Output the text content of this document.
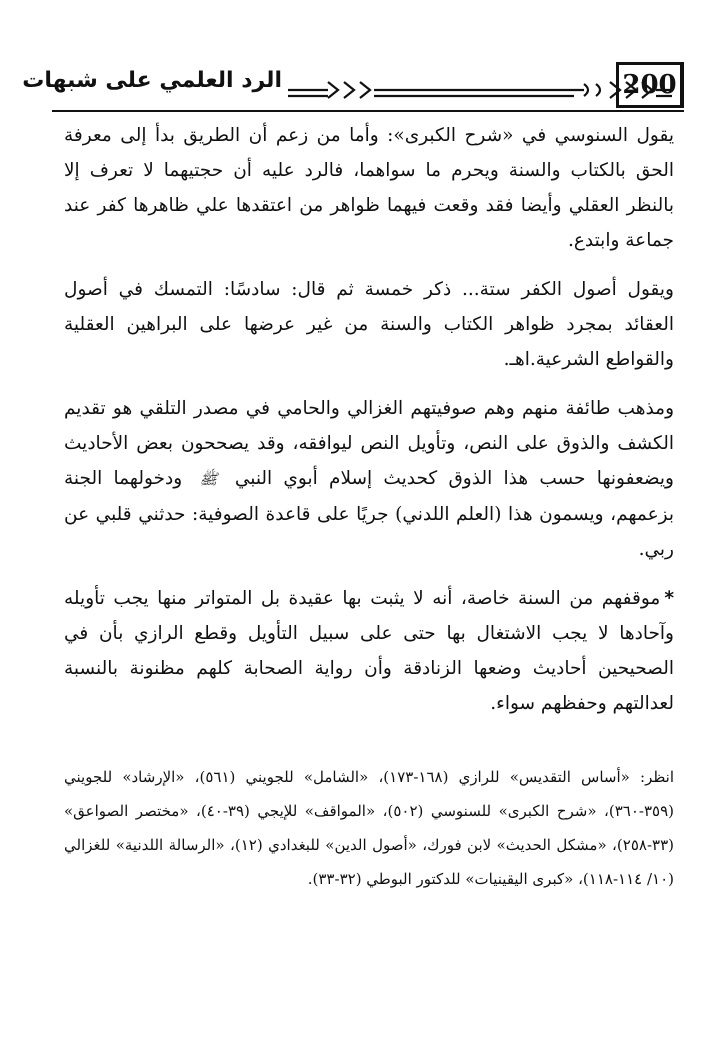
200
الرد العلمي على شبهات

يقول السنوسي في «شرح الكبرى»: وأما من زعم أن الطريق بدأ إلى معرفة الحق بالكتاب والسنة ويحرم ما سواهما، فالرد عليه أن حجتيهما لا تعرف إلا بالنظر العقلي وأيضا فقد وقعت فيهما ظواهر من اعتقدها علي ظاهرها كفر عند جماعة وابتدع.

ويقول أصول الكفر ستة... ذكر خمسة ثم قال: سادسًا: التمسك في أصول العقائد بمجرد ظواهر الكتاب والسنة من غير عرضها على البراهين العقلية والقواطع الشرعية.اهـ.

ومذهب طائفة منهم وهم صوفيتهم الغزالي والحامي في مصدر التلقي هو تقديم الكشف والذوق على النص، وتأويل النص ليوافقه، وقد يصححون بعض الأحاديث ويضعفونها حسب هذا الذوق كحديث إسلام أبوي النبي ﷺ ودخولهما الجنة بزعمهم، ويسمون هذا (العلم اللدني) جريًا على قاعدة الصوفية: حدثني قلبي عن ربي.

*موقفهم من السنة خاصة، أنه لا يثبت بها عقيدة بل المتواتر منها يجب تأويله وآحادها لا يجب الاشتغال بها حتى على سبيل التأويل وقطع الرازي بأن في الصحيحين أحاديث وضعها الزنادقة وأن رواية الصحابة كلهم مظنونة بالنسبة لعدالتهم وحفظهم سواء.

انظر: «أساس التقديس» للرازي (١٦٨-١٧٣)، «الشامل» للجويني (٥٦١)، «الإرشاد» للجويني (٣٥٩-٣٦٠)، «شرح الكبرى» للسنوسي (٥٠٢)، «المواقف» للإيجي (٣٩-٤٠)، «مختصر الصواعق» (٣٣-٢٥٨)، «مشكل الحديث» لابن فورك، «أصول الدين» للبغدادي (١٢)، «الرسالة اللدنية» للغزالي (١٠/ ١١٤-١١٨)، «كبرى اليقينيات» للدكتور البوطي (٣٢-٣٣).
